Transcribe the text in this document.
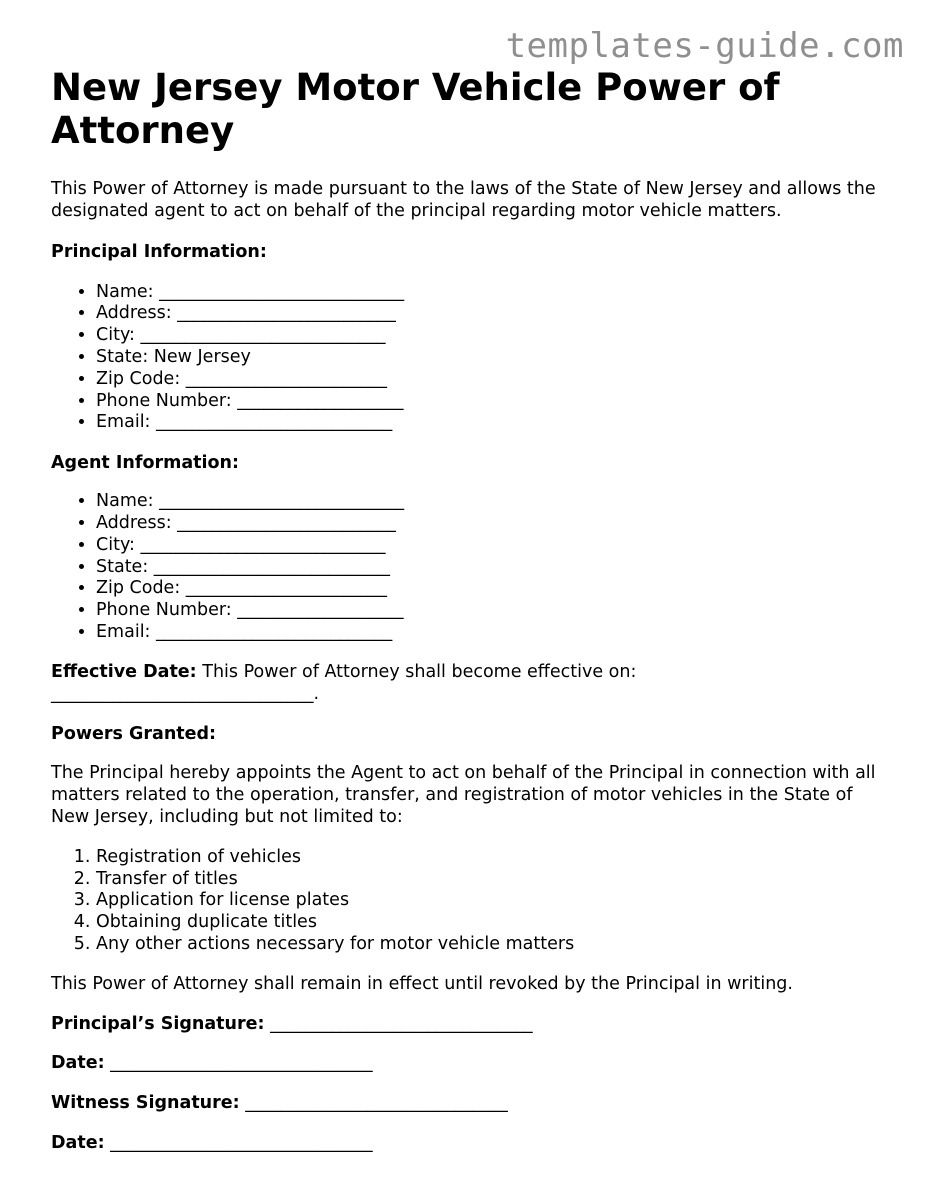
templates-guide.com
New Jersey Motor Vehicle Power of Attorney

This Power of Attorney is made pursuant to the laws of the State of New Jersey and allows the designated agent to act on behalf of the principal regarding motor vehicle matters.

Principal Information:

• Name: ____________________________
• Address: _________________________
• City: ____________________________
• State: New Jersey
• Zip Code: _______________________
• Phone Number: ___________________
• Email: ___________________________

Agent Information:

• Name: ____________________________
• Address: _________________________
• City: ____________________________
• State: ___________________________
• Zip Code: _______________________
• Phone Number: ___________________
• Email: ___________________________

Effective Date: This Power of Attorney shall become effective on: ______________________________.

Powers Granted:

The Principal hereby appoints the Agent to act on behalf of the Principal in connection with all matters related to the operation, transfer, and registration of motor vehicles in the State of New Jersey, including but not limited to:

1. Registration of vehicles
2. Transfer of titles
3. Application for license plates
4. Obtaining duplicate titles
5. Any other actions necessary for motor vehicle matters

This Power of Attorney shall remain in effect until revoked by the Principal in writing.

Principal’s Signature: ______________________________

Date: ______________________________

Witness Signature: ______________________________

Date: ______________________________
